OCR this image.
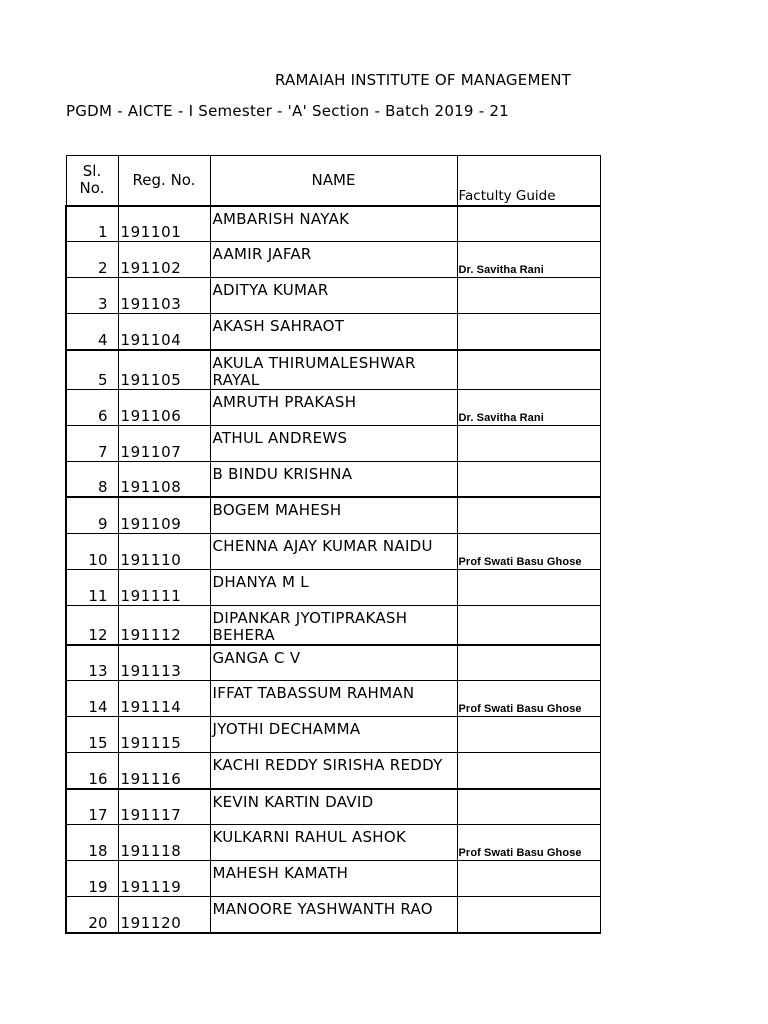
RAMAIAH INSTITUTE OF MANAGEMENT
PGDM - AICTE - I Semester - 'A' Section - Batch 2019 - 21
Sl.
No.	Reg. No.	NAME	Factulty Guide
1	191101	AMBARISH NAYAK	
2	191102	AAMIR JAFAR	Dr. Savitha Rani
3	191103	ADITYA KUMAR	
4	191104	AKASH SAHRAOT	
5	191105	AKULA THIRUMALESHWAR RAYAL	
6	191106	AMRUTH PRAKASH	Dr. Savitha Rani
7	191107	ATHUL ANDREWS	
8	191108	B BINDU KRISHNA	
9	191109	BOGEM MAHESH	
10	191110	CHENNA AJAY KUMAR NAIDU	Prof Swati Basu Ghose
11	191111	DHANYA M L	
12	191112	DIPANKAR JYOTIPRAKASH BEHERA	
13	191113	GANGA C V	
14	191114	IFFAT TABASSUM RAHMAN	Prof Swati Basu Ghose
15	191115	JYOTHI DECHAMMA	
16	191116	KACHI REDDY SIRISHA REDDY	
17	191117	KEVIN KARTIN DAVID	
18	191118	KULKARNI RAHUL ASHOK	Prof Swati Basu Ghose
19	191119	MAHESH KAMATH	
20	191120	MANOORE YASHWANTH RAO	
